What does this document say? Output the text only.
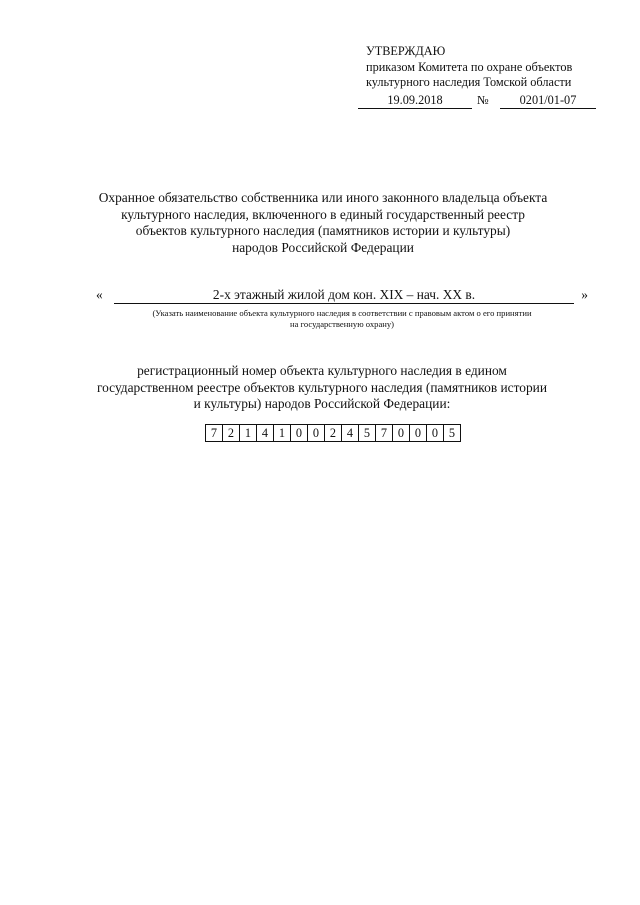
УТВЕРЖДАЮ
приказом Комитета по охране объектов
культурного наследия Томской области
19.09.2018	№	0201/01-07
Охранное обязательство собственника или иного законного владельца объекта
культурного наследия, включенного в единый государственный реестр
объектов культурного наследия (памятников истории и культуры)
народов Российской Федерации
«	2-х этажный жилой дом кон. XIX – нач. XX в.	»
(Указать наименование объекта культурного наследия в соответствии с правовым актом о его принятии
на государственную охрану)
регистрационный номер объекта культурного наследия в едином
государственном реестре объектов культурного наследия (памятников истории
и культуры) народов Российской Федерации:
7 2 1 4 1 0 0 2 4 5 7 0 0 0 5
